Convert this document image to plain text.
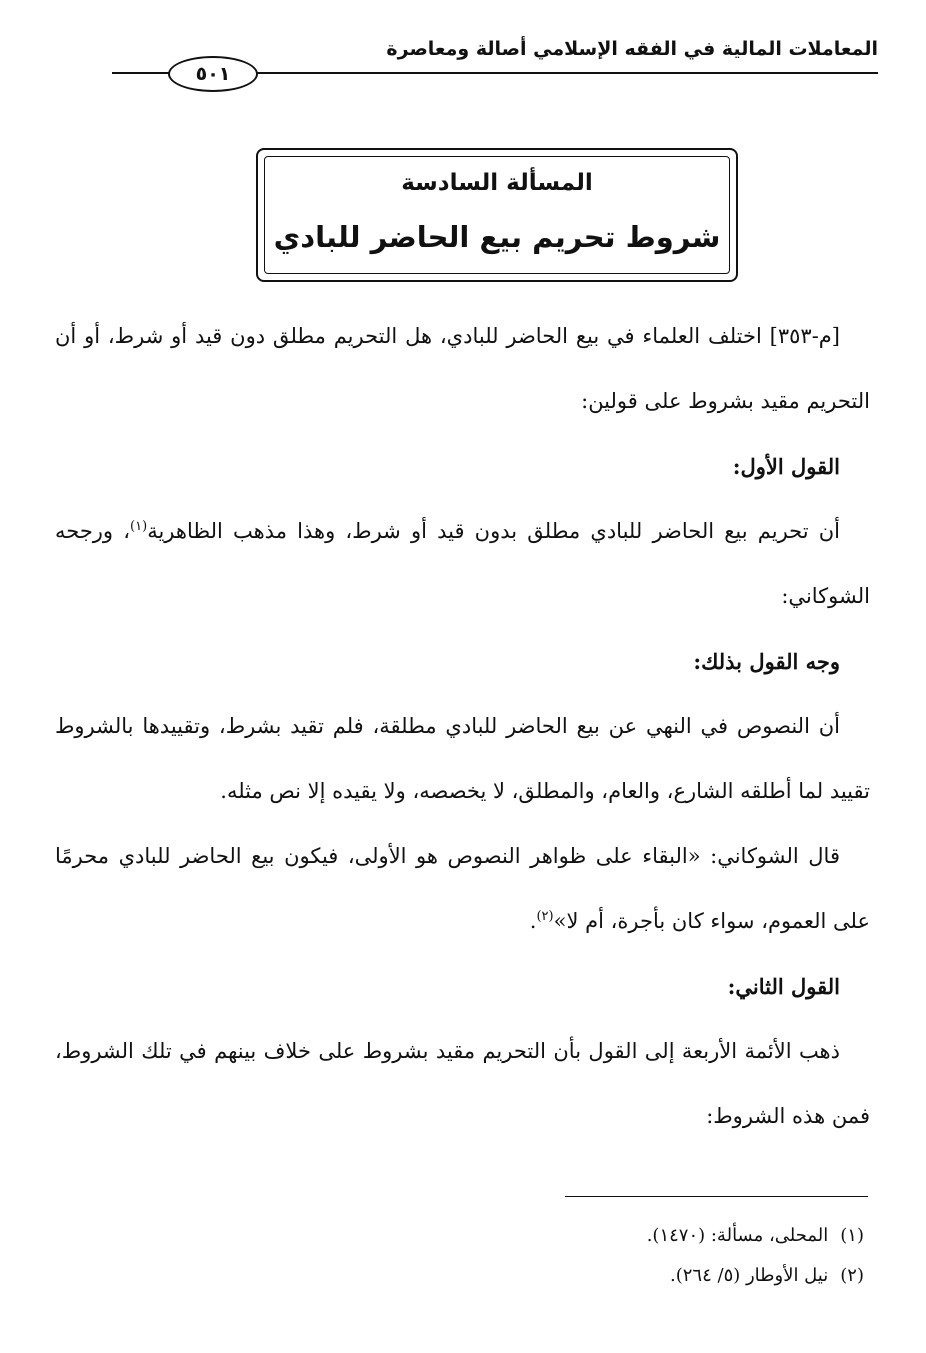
المعاملات المالية في الفقه الإسلامي أصالة ومعاصرة
٥٠١
المسألة السادسة
شروط تحريم بيع الحاضر للبادي

[م-٣٥٣] اختلف العلماء في بيع الحاضر للبادي، هل التحريم مطلق دون قيد أو شرط، أو أن التحريم مقيد بشروط على قولين:

القول الأول:

أن تحريم بيع الحاضر للبادي مطلق بدون قيد أو شرط، وهذا مذهب الظاهرية$^{(١)}$، ورجحه الشوكاني:

وجه القول بذلك:

أن النصوص في النهي عن بيع الحاضر للبادي مطلقة، فلم تقيد بشرط، وتقييدها بالشروط تقييد لما أطلقه الشارع، والعام، والمطلق، لا يخصصه، ولا يقيده إلا نص مثله.

قال الشوكاني: «البقاء على ظواهر النصوص هو الأولى، فيكون بيع الحاضر للبادي محرمًا على العموم، سواء كان بأجرة، أم لا»$^{(٢)}$.

القول الثاني:

ذهب الأئمة الأربعة إلى القول بأن التحريم مقيد بشروط على خلاف بينهم في تلك الشروط، فمن هذه الشروط:

(١)المحلى، مسألة: (١٤٧٠).
(٢)نيل الأوطار (٥/ ٢٦٤).
